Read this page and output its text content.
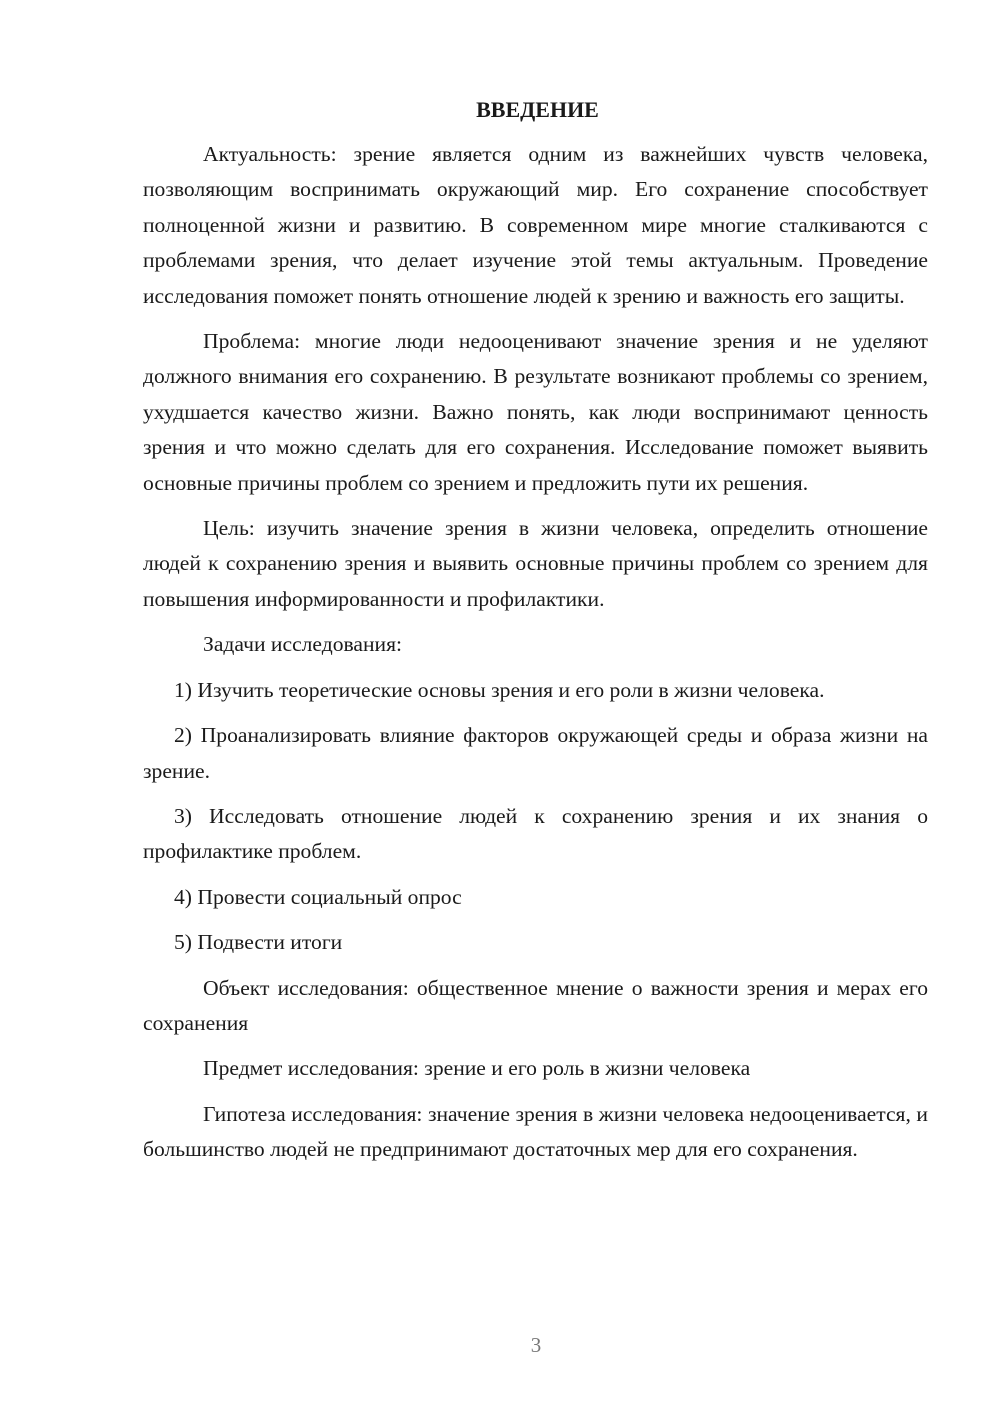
ВВЕДЕНИЕ

Актуальность: зрение является одним из важнейших чувств человека, позволяющим воспринимать окружающий мир. Его сохранение способствует полноценной жизни и развитию. В современном мире многие сталкиваются с проблемами зрения, что делает изучение этой темы актуальным. Проведение исследования поможет понять отношение людей к зрению и важность его защиты.

Проблема: многие люди недооценивают значение зрения и не уделяют должного внимания его сохранению. В результате возникают проблемы со зрением, ухудшается качество жизни. Важно понять, как люди воспринимают ценность зрения и что можно сделать для его сохранения. Исследование поможет выявить основные причины проблем со зрением и предложить пути их решения.

Цель: изучить значение зрения в жизни человека, определить отношение людей к сохранению зрения и выявить основные причины проблем со зрением для повышения информированности и профилактики.

Задачи исследования:

1) Изучить теоретические основы зрения и его роли в жизни человека.

2) Проанализировать влияние факторов окружающей среды и образа жизни на зрение.

3) Исследовать отношение людей к сохранению зрения и их знания о профилактике проблем.

4) Провести социальный опрос

5) Подвести итоги

Объект исследования: общественное мнение о важности зрения и мерах его сохранения

Предмет исследования: зрение и его роль в жизни человека

Гипотеза исследования: значение зрения в жизни человека недооценивается, и большинство людей не предпринимают достаточных мер для его сохранения.

3
